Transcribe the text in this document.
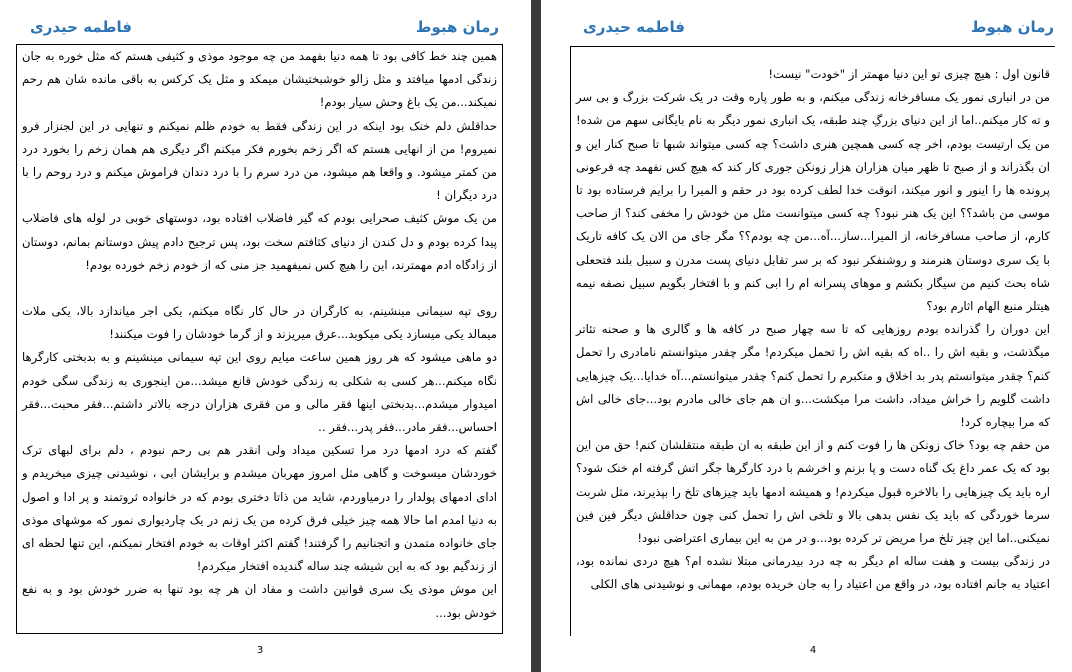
رمان هبوط
فاطمه حیدری

همین چند خط کافی بود تا همه دنیا بفهمد من چه موجود موذی و کثیفی هستم که مثل خوره به جان زندگی ادمها میافتد و مثل زالو خوشبختیشان میمکد و مثل یک کرکس به باقی مانده شان هم رحم نمیکند...من یک باغ وحش سیار بودم!

حداقلش دلم خنک بود اینکه در این زندگی فقط به خودم ظلم نمیکنم و تنهایی در این لجنزار فرو نمیروم! من از انهایی هستم که اگر زخم بخورم فکر میکنم اگر دیگری هم همان زخم را بخورد درد من کمتر میشود. و واقعا هم میشود، من درد سرم را با درد دندان فراموش میکنم و درد روحم را با درد دیگران !

من یک موش کثیف صحرایی بودم که گیر فاضلاب افتاده بود، دوستهای خوبی در لوله های فاضلاب پیدا کرده بودم و دل کندن از دنیای کثافتم سخت بود، پس ترجیح دادم پیش دوستانم بمانم، دوستان از زادگاه ادم مهمترند، این را هیچ کس نمیفهمید جز منی که از خودم زخم خورده بودم!

روی تپه سیمانی مینشینم، به کارگران در حال کار نگاه میکنم، یکی اجر میاندازد بالا، یکی ملات میمالد یکی میسازد یکی میکوبد...عرق میریزند و از گرما خودشان را فوت میکنند!

دو ماهی میشود که هر روز همین ساعت میایم روی این تپه سیمانی مینشینم و به بدبختی کارگرها نگاه میکنم...هر کسی به شکلی به زندگی خودش قانع میشد...من اینجوری به زندگی سگی خودم امیدوار میشدم...بدبختی اینها فقر مالی و من فقری هزاران درجه بالاتر داشتم...فقر محبت...فقر احساس...فقر مادر...فقر پدر...فقر ..

گفتم که درد ادمها درد مرا تسکین میداد ولی انقدر هم بی رحم نبودم ، دلم برای لبهای ترک خوردشان میسوخت و گاهی مثل امروز مهربان میشدم و برایشان ابی ، نوشیدنی چیزی میخریدم و ادای ادمهای پولدار را درمیاوردم، شاید من ذاتا دختری بودم که در خانواده ثروتمند و پر ادا و اصول به دنیا امدم اما حالا همه چیز خیلی فرق کرده من یک زنم در یک چاردیواری نمور که موشهای موذی جای خانواده متمدن و اتجنانیم را گرفتند! گفتم اکثر اوقات به خودم افتخار نمیکنم، این تنها لحظه ای از زندگیم بود که به این شیشه چند ساله گندیده افتخار میکردم!

این موش موذی یک سری قوانین داشت و مفاد ان هر چه بود تنها به ضرر خودش بود و به نفع خودش بود...

3
رمان هبوط
فاطمه حیدری

قانون اول : هیچ چیزی تو این دنیا مهمتر از "خودت" نیست!

من در انباری نمور یک مسافرخانه زندگی میکنم، و به طور پاره وقت در یک شرکت بزرگ و بی سر و ته کار میکنم..اما از این دنیای بزرگِ چند طبقه، یک انباری نمور دیگر به نام بایگانی سهم من شده! من یک ارتیست بودم، اخر چه کسی همچین هنری داشت؟ چه کسی میتواند شبها تا صبح کنار این و ان بگذراند و از صبح تا ظهر میان هزاران هزار زونکن جوری کار کند که هیچ کس نفهمد چه فرعونی پرونده ها را اینور و انور میکند، انوقت خدا لطف کرده بود در حقم و المیرا را برایم فرستاده بود تا موسی من باشد؟؟ این یک هنر نبود؟ چه کسی میتوانست مثل من خودش را مخفی کند؟ از صاحب کارم، از صاحب مسافرخانه، از المیرا...ساز...آه...من چه بودم؟؟ مگر جای من الان یک کافه تاریک با یک سری دوستان هنرمند و روشنفکر نبود که بر سر تقابل دنیای پست مدرن و سبیل بلند فتحعلی شاه بحث کنیم من سیگار بکشم و موهای پسرانه ام را ابی کنم و با افتخار بگویم سبیل نصفه نیمه هیتلر منبع الهام اثارم بود؟

این دوران را گذرانده بودم روزهایی که تا سه چهار صبح در کافه ها و گالری ها و صحنه تئاتر میگذشت، و بقیه اش را ..اه که بقیه اش را تحمل میکردم! مگر چقدر میتوانستم نامادری را تحمل کنم؟ چقدر میتوانستم پدر بد اخلاق و متکبرم را تحمل کنم؟ چقدر میتوانستم...آه خدایا...یک چیزهایی داشت گلویم را خراش میداد، داشت مرا میکشت...و ان هم جای خالی مادرم بود...جای خالی اش که مرا بیچاره کرد!

من حقم چه بود؟ خاک زونکن ها را فوت کنم و از این طبقه به ان طبقه منتقلشان کنم! حق من این بود که یک عمر داغ یک گناه دست و پا بزنم و اخرشم با درد کارگرها جگر اتش گرفته ام خنک شود؟ اره باید یک چیزهایی را بالاخره قبول میکردم! و همیشه ادمها باید چیزهای تلخ را بپذیرند، مثل شربت سرما خوردگی که باید یک نفس بدهی بالا و تلخی اش را تحمل کنی چون حداقلش دیگر فین فین نمیکنی..اما این چیز تلخ مرا مریض تر کرده بود...و در من به این بیماری اعتراضی نبود!

در زندگی بیست و هفت ساله ام دیگر به چه درد بیدرمانی مبتلا نشده ام؟ هیچ دردی نمانده بود، اعتیاد به جانم افتاده بود، در واقع من اعتیاد را به جان خریده بودم، مهمانی و نوشیدنی های الکلی

4
